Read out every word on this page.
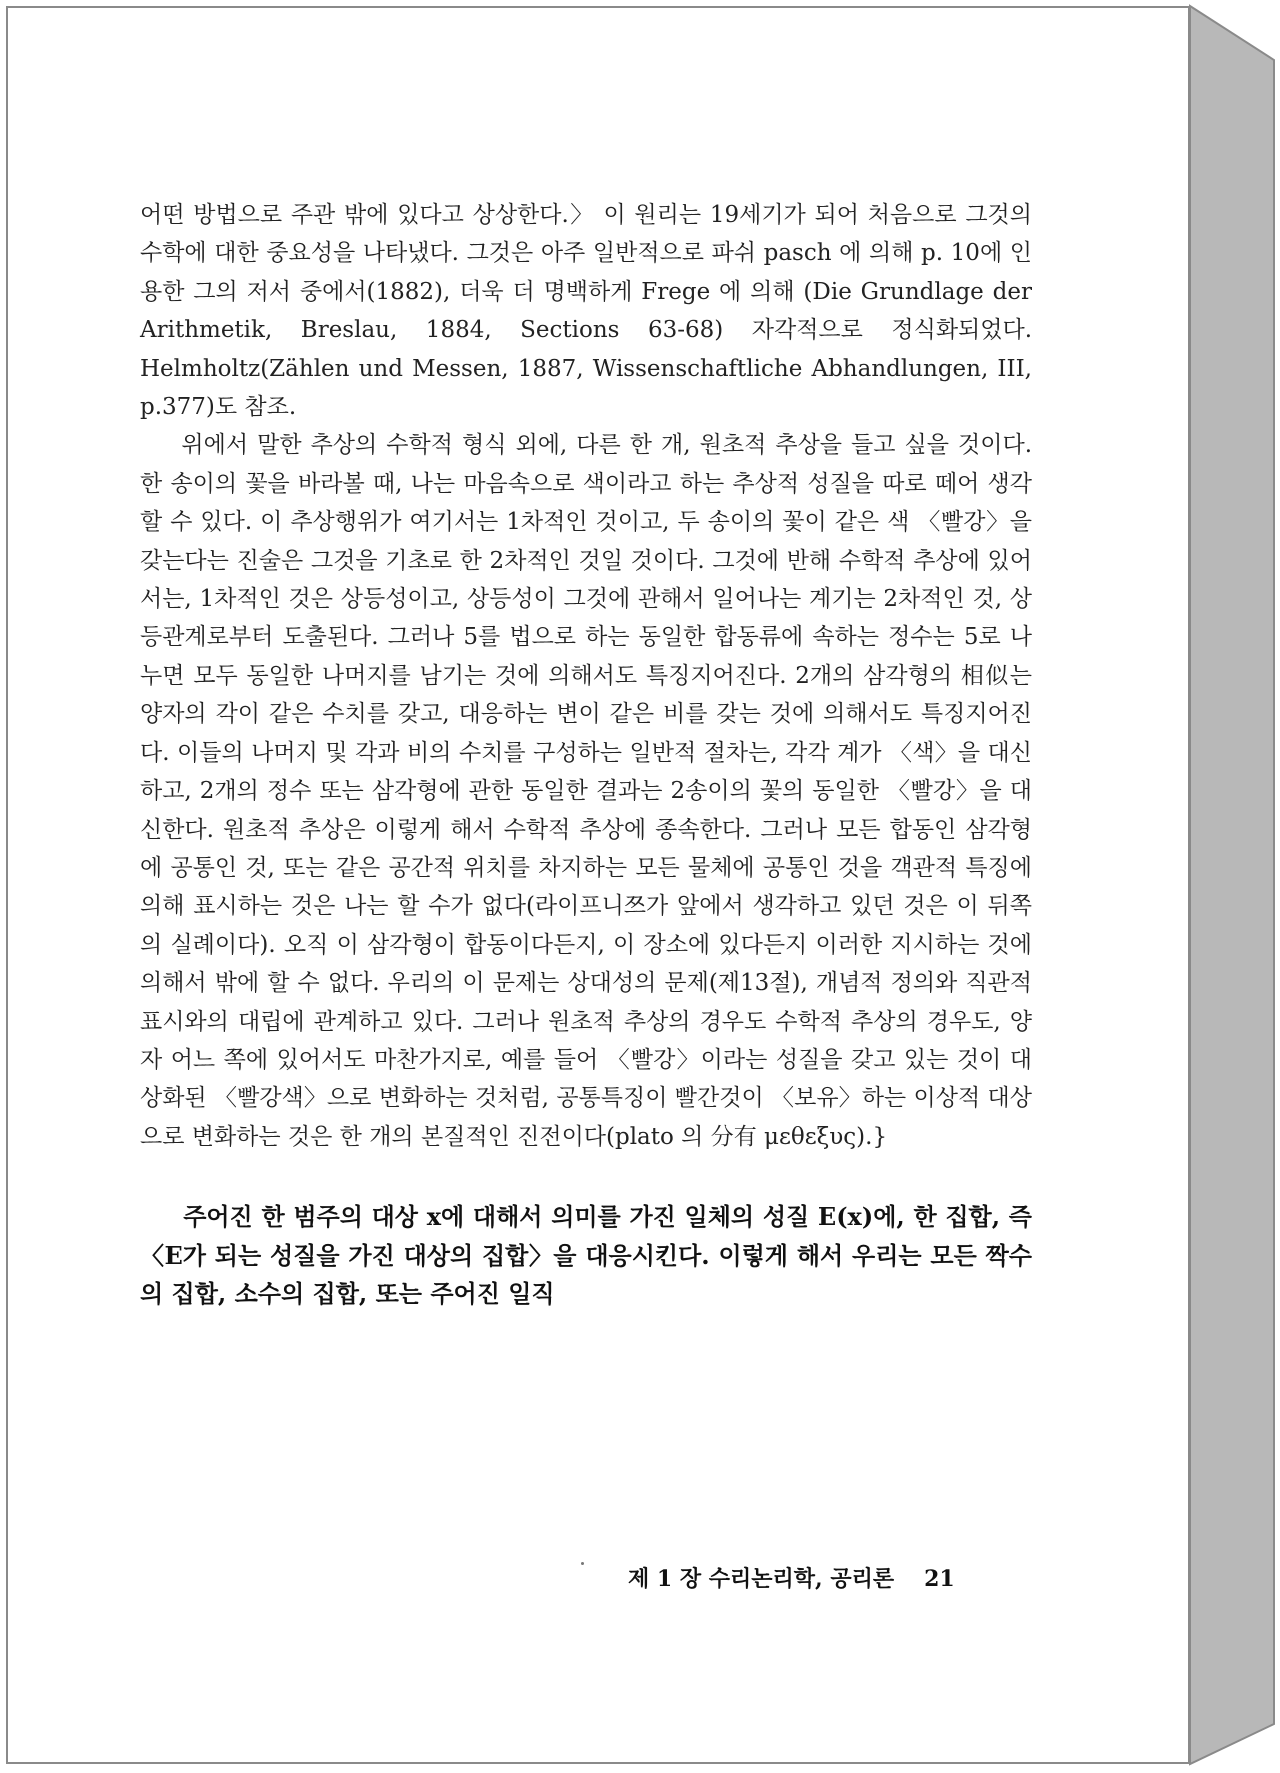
어떤 방법으로 주관 밖에 있다고 상상한다.〉 이 원리는 19세기가 되어 처음으로 그것의 수학에 대한 중요성을 나타냈다. 그것은 아주 일반적으로 파쉬 pasch 에 의해 p. 10에 인용한 그의 저서 중에서(1882), 더욱 더 명백하게 Frege 에 의해 (Die Grundlage der Arithmetik, Breslau, 1884, Sections 63-68) 자각적으로 정식화되었다. Helmholtz(Zählen und Messen, 1887, Wissenschaftliche Abhandlungen, III, p.377)도 참조.

위에서 말한 추상의 수학적 형식 외에, 다른 한 개, 원초적 추상을 들고 싶을 것이다. 한 송이의 꽃을 바라볼 때, 나는 마음속으로 색이라고 하는 추상적 성질을 따로 떼어 생각할 수 있다. 이 추상행위가 여기서는 1차적인 것이고, 두 송이의 꽃이 같은 색 〈빨강〉을 갖는다는 진술은 그것을 기초로 한 2차적인 것일 것이다. 그것에 반해 수학적 추상에 있어서는, 1차적인 것은 상등성이고, 상등성이 그것에 관해서 일어나는 계기는 2차적인 것, 상등관계로부터 도출된다. 그러나 5를 법으로 하는 동일한 합동류에 속하는 정수는 5로 나누면 모두 동일한 나머지를 남기는 것에 의해서도 특징지어진다. 2개의 삼각형의 相似는 양자의 각이 같은 수치를 갖고, 대응하는 변이 같은 비를 갖는 것에 의해서도 특징지어진다. 이들의 나머지 및 각과 비의 수치를 구성하는 일반적 절차는, 각각 계가 〈색〉을 대신하고, 2개의 정수 또는 삼각형에 관한 동일한 결과는 2송이의 꽃의 동일한 〈빨강〉을 대신한다. 원초적 추상은 이렇게 해서 수학적 추상에 종속한다. 그러나 모든 합동인 삼각형에 공통인 것, 또는 같은 공간적 위치를 차지하는 모든 물체에 공통인 것을 객관적 특징에 의해 표시하는 것은 나는 할 수가 없다(라이프니쯔가 앞에서 생각하고 있던 것은 이 뒤쪽의 실례이다). 오직 이 삼각형이 합동이다든지, 이 장소에 있다든지 이러한 지시하는 것에 의해서 밖에 할 수 없다. 우리의 이 문제는 상대성의 문제(제13절), 개념적 정의와 직관적 표시와의 대립에 관계하고 있다. 그러나 원초적 추상의 경우도 수학적 추상의 경우도, 양자 어느 쪽에 있어서도 마찬가지로, 예를 들어 〈빨강〉이라는 성질을 갖고 있는 것이 대상화된 〈빨강색〉으로 변화하는 것처럼, 공통특징이 빨간것이 〈보유〉하는 이상적 대상으로 변화하는 것은 한 개의 본질적인 진전이다(plato 의 分有 μεθεξυς).}

주어진 한 범주의 대상 x에 대해서 의미를 가진 일체의 성질 E(x)에, 한 집합, 즉 〈E가 되는 성질을 가진 대상의 집합〉을 대응시킨다. 이렇게 해서 우리는 모든 짝수의 집합, 소수의 집합, 또는 주어진 일직

제 1 장 수리논리학, 공리론 21
